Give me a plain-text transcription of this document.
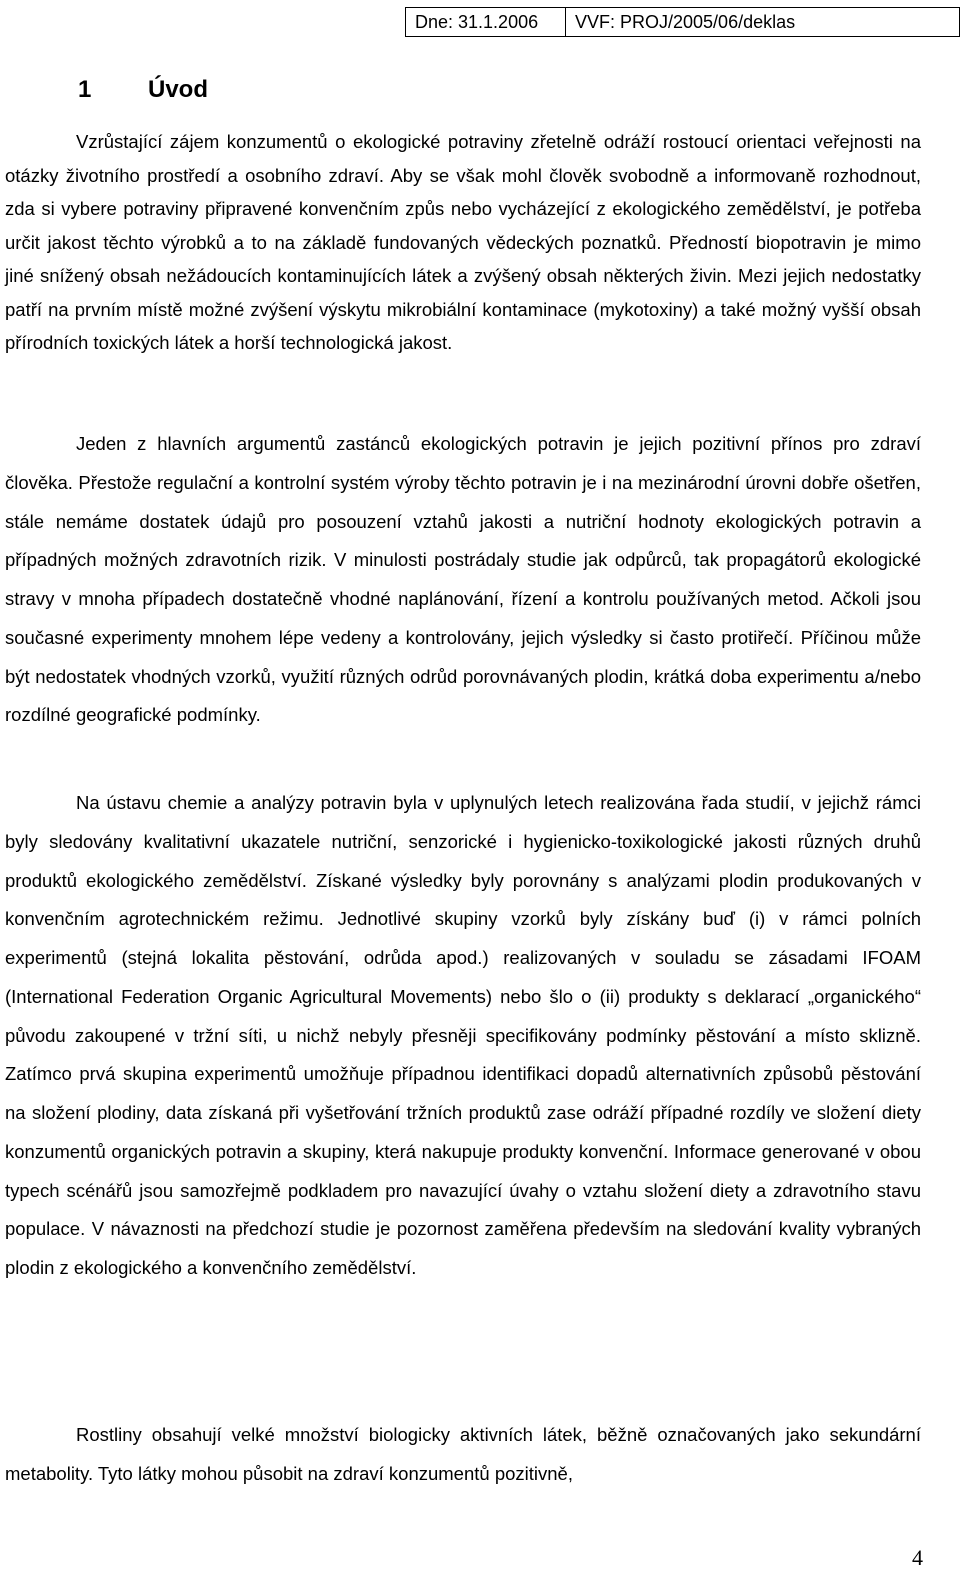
Dne: 31.1.2006	VVF: PROJ/2005/06/deklas
1	Úvod

Vzrůstající zájem konzumentů o ekologické potraviny zřetelně odráží rostoucí orientaci veřejnosti na otázky životního prostředí a osobního zdraví. Aby se však mohl člověk svobodně a informovaně rozhodnout, zda si vybere potraviny připravené konvenčním způs nebo vycházející z ekologického zemědělství, je potřeba určit jakost těchto výrobků a to na základě fundovaných vědeckých poznatků. Předností biopotravin je mimo jiné snížený obsah nežádoucích kontaminujících látek a zvýšený obsah některých živin. Mezi jejich nedostatky patří na prvním místě možné zvýšení výskytu mikrobiální kontaminace (mykotoxiny) a také možný vyšší obsah přírodních toxických látek a horší technologická jakost.

Jeden z hlavních argumentů zastánců ekologických potravin je jejich pozitivní přínos pro zdraví člověka. Přestože regulační a kontrolní systém výroby těchto potravin je i na mezinárodní úrovni dobře ošetřen, stále nemáme dostatek údajů pro posouzení vztahů jakosti a nutriční hodnoty ekologických potravin a případných možných zdravotních rizik. V minulosti postrádaly studie jak odpůrců, tak propagátorů ekologické stravy v mnoha případech dostatečně vhodné naplánování, řízení a kontrolu používaných metod. Ačkoli jsou současné experimenty mnohem lépe vedeny a kontrolovány, jejich výsledky si často protiřečí. Příčinou může být nedostatek vhodných vzorků, využití různých odrůd porovnávaných plodin, krátká doba experimentu a/nebo rozdílné geografické podmínky.

Na ústavu chemie a analýzy potravin byla v uplynulých letech realizována řada studií, v jejichž rámci byly sledovány kvalitativní ukazatele nutriční, senzorické i hygienicko-toxikologické jakosti různých druhů produktů ekologického zemědělství. Získané výsledky byly porovnány s analýzami plodin produkovaných v konvenčním agrotechnickém režimu. Jednotlivé skupiny vzorků byly získány buď (i) v rámci polních experimentů (stejná lokalita pěstování, odrůda apod.) realizovaných v souladu se zásadami IFOAM (International Federation Organic Agricultural Movements) nebo šlo o (ii) produkty s deklarací „organického“ původu zakoupené v tržní síti, u nichž nebyly přesněji specifikovány podmínky pěstování a místo sklizně. Zatímco prvá skupina experimentů umožňuje případnou identifikaci dopadů alternativních způsobů pěstování na složení plodiny, data získaná při vyšetřování tržních produktů zase odráží případné rozdíly ve složení diety konzumentů organických potravin a skupiny, která nakupuje produkty konvenční. Informace generované v obou typech scénářů jsou samozřejmě podkladem pro navazující úvahy o vztahu složení diety a zdravotního stavu populace. V návaznosti na předchozí studie je pozornost zaměřena především na sledování kvality vybraných plodin z ekologického a konvenčního zemědělství.

Rostliny obsahují velké množství biologicky aktivních látek, běžně označovaných jako sekundární metabolity. Tyto látky mohou působit na zdraví konzumentů pozitivně,

4
